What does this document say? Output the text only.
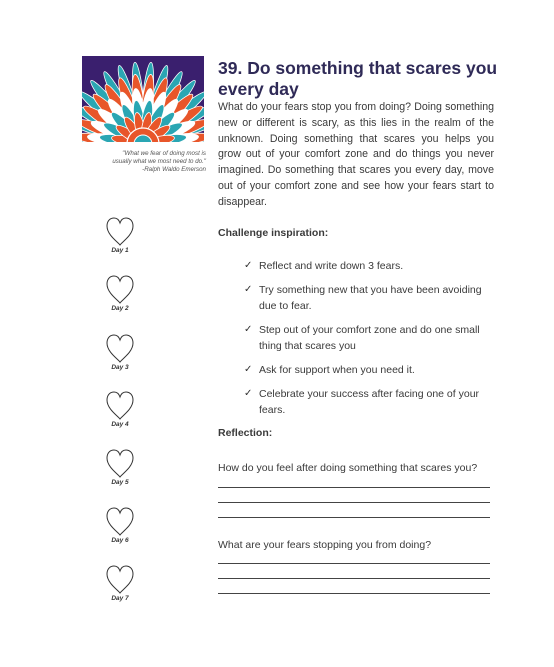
"What we fear of doing most is
usually what we most need to do."
-Ralph Waldo Emerson
Day 1
Day 2
Day 3
Day 4
Day 5
Day 6
Day 7
39. Do something that scares you every day

What do your fears stop you from doing? Doing something new or different is scary, as this lies in the realm of the unknown. Doing something that scares you helps you grow out of your comfort zone and do things you never imagined. Do something that scares you every day, move out of your comfort zone and see how your fears start to disappear.

Challenge inspiration:
✓ Reflect and write down 3 fears.
✓ Try something new that you have been avoiding due to fear.
✓ Step out of your comfort zone and do one small thing that scares you
✓ Ask for support when you need it.
✓ Celebrate your success after facing one of your fears.
Reflection:
How do you feel after doing something that scares you?
What are your fears stopping you from doing?
